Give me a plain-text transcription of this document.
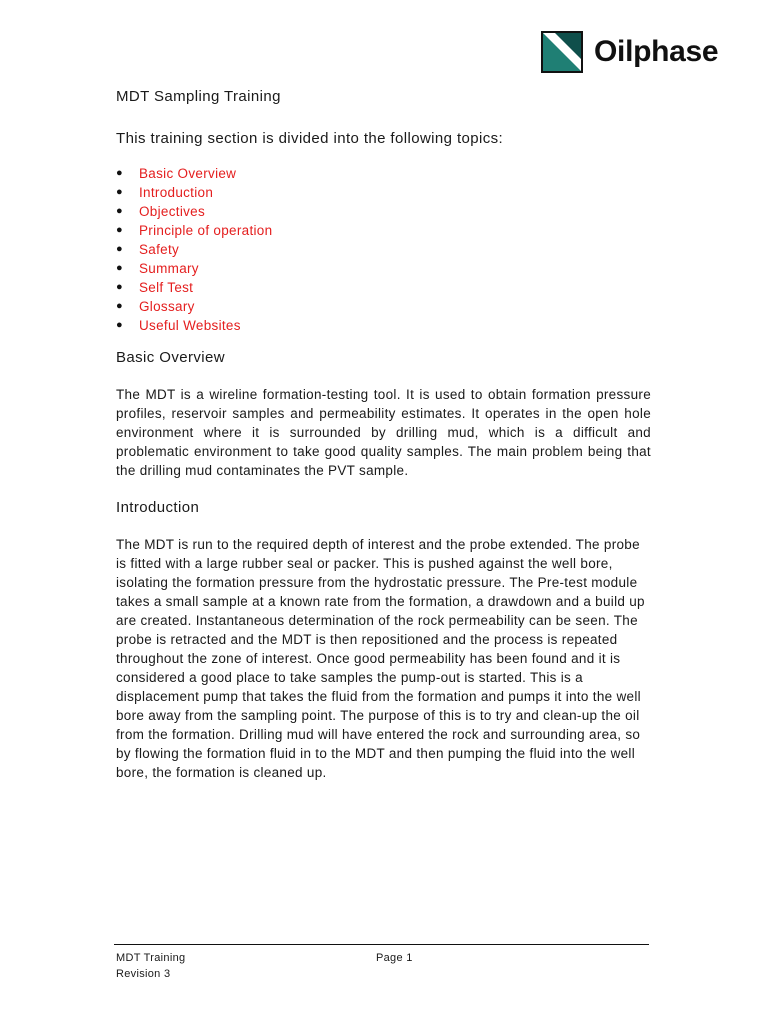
Oilphase
MDT Sampling Training

This training section is divided into the following topics:

● Basic Overview
● Introduction
● Objectives
● Principle of operation
● Safety
● Summary
● Self Test
● Glossary
● Useful Websites
Basic Overview

The MDT is a wireline formation-testing tool. It is used to obtain formation pressure profiles, reservoir samples and permeability estimates. It operates in the open hole environment where it is surrounded by drilling mud, which is a difficult and problematic environment to take good quality samples. The main problem being that the drilling mud contaminates the PVT sample.

Introduction

The MDT is run to the required depth of interest and the probe extended. The probe is fitted with a large rubber seal or packer. This is pushed against the well bore, isolating the formation pressure from the hydrostatic pressure. The Pre-test module takes a small sample at a known rate from the formation, a drawdown and a build up are created. Instantaneous determination of the rock permeability can be seen. The probe is retracted and the MDT is then repositioned and the process is repeated throughout the zone of interest. Once good permeability has been found and it is considered a good place to take samples the pump-out is started. This is a displacement pump that takes the fluid from the formation and pumps it into the well bore away from the sampling point. The purpose of this is to try and clean-up the oil from the formation. Drilling mud will have entered the rock and surrounding area, so by flowing the formation fluid in to the MDT and then pumping the fluid into the well bore, the formation is cleaned up.

MDT Training
Revision 3
Page 1
